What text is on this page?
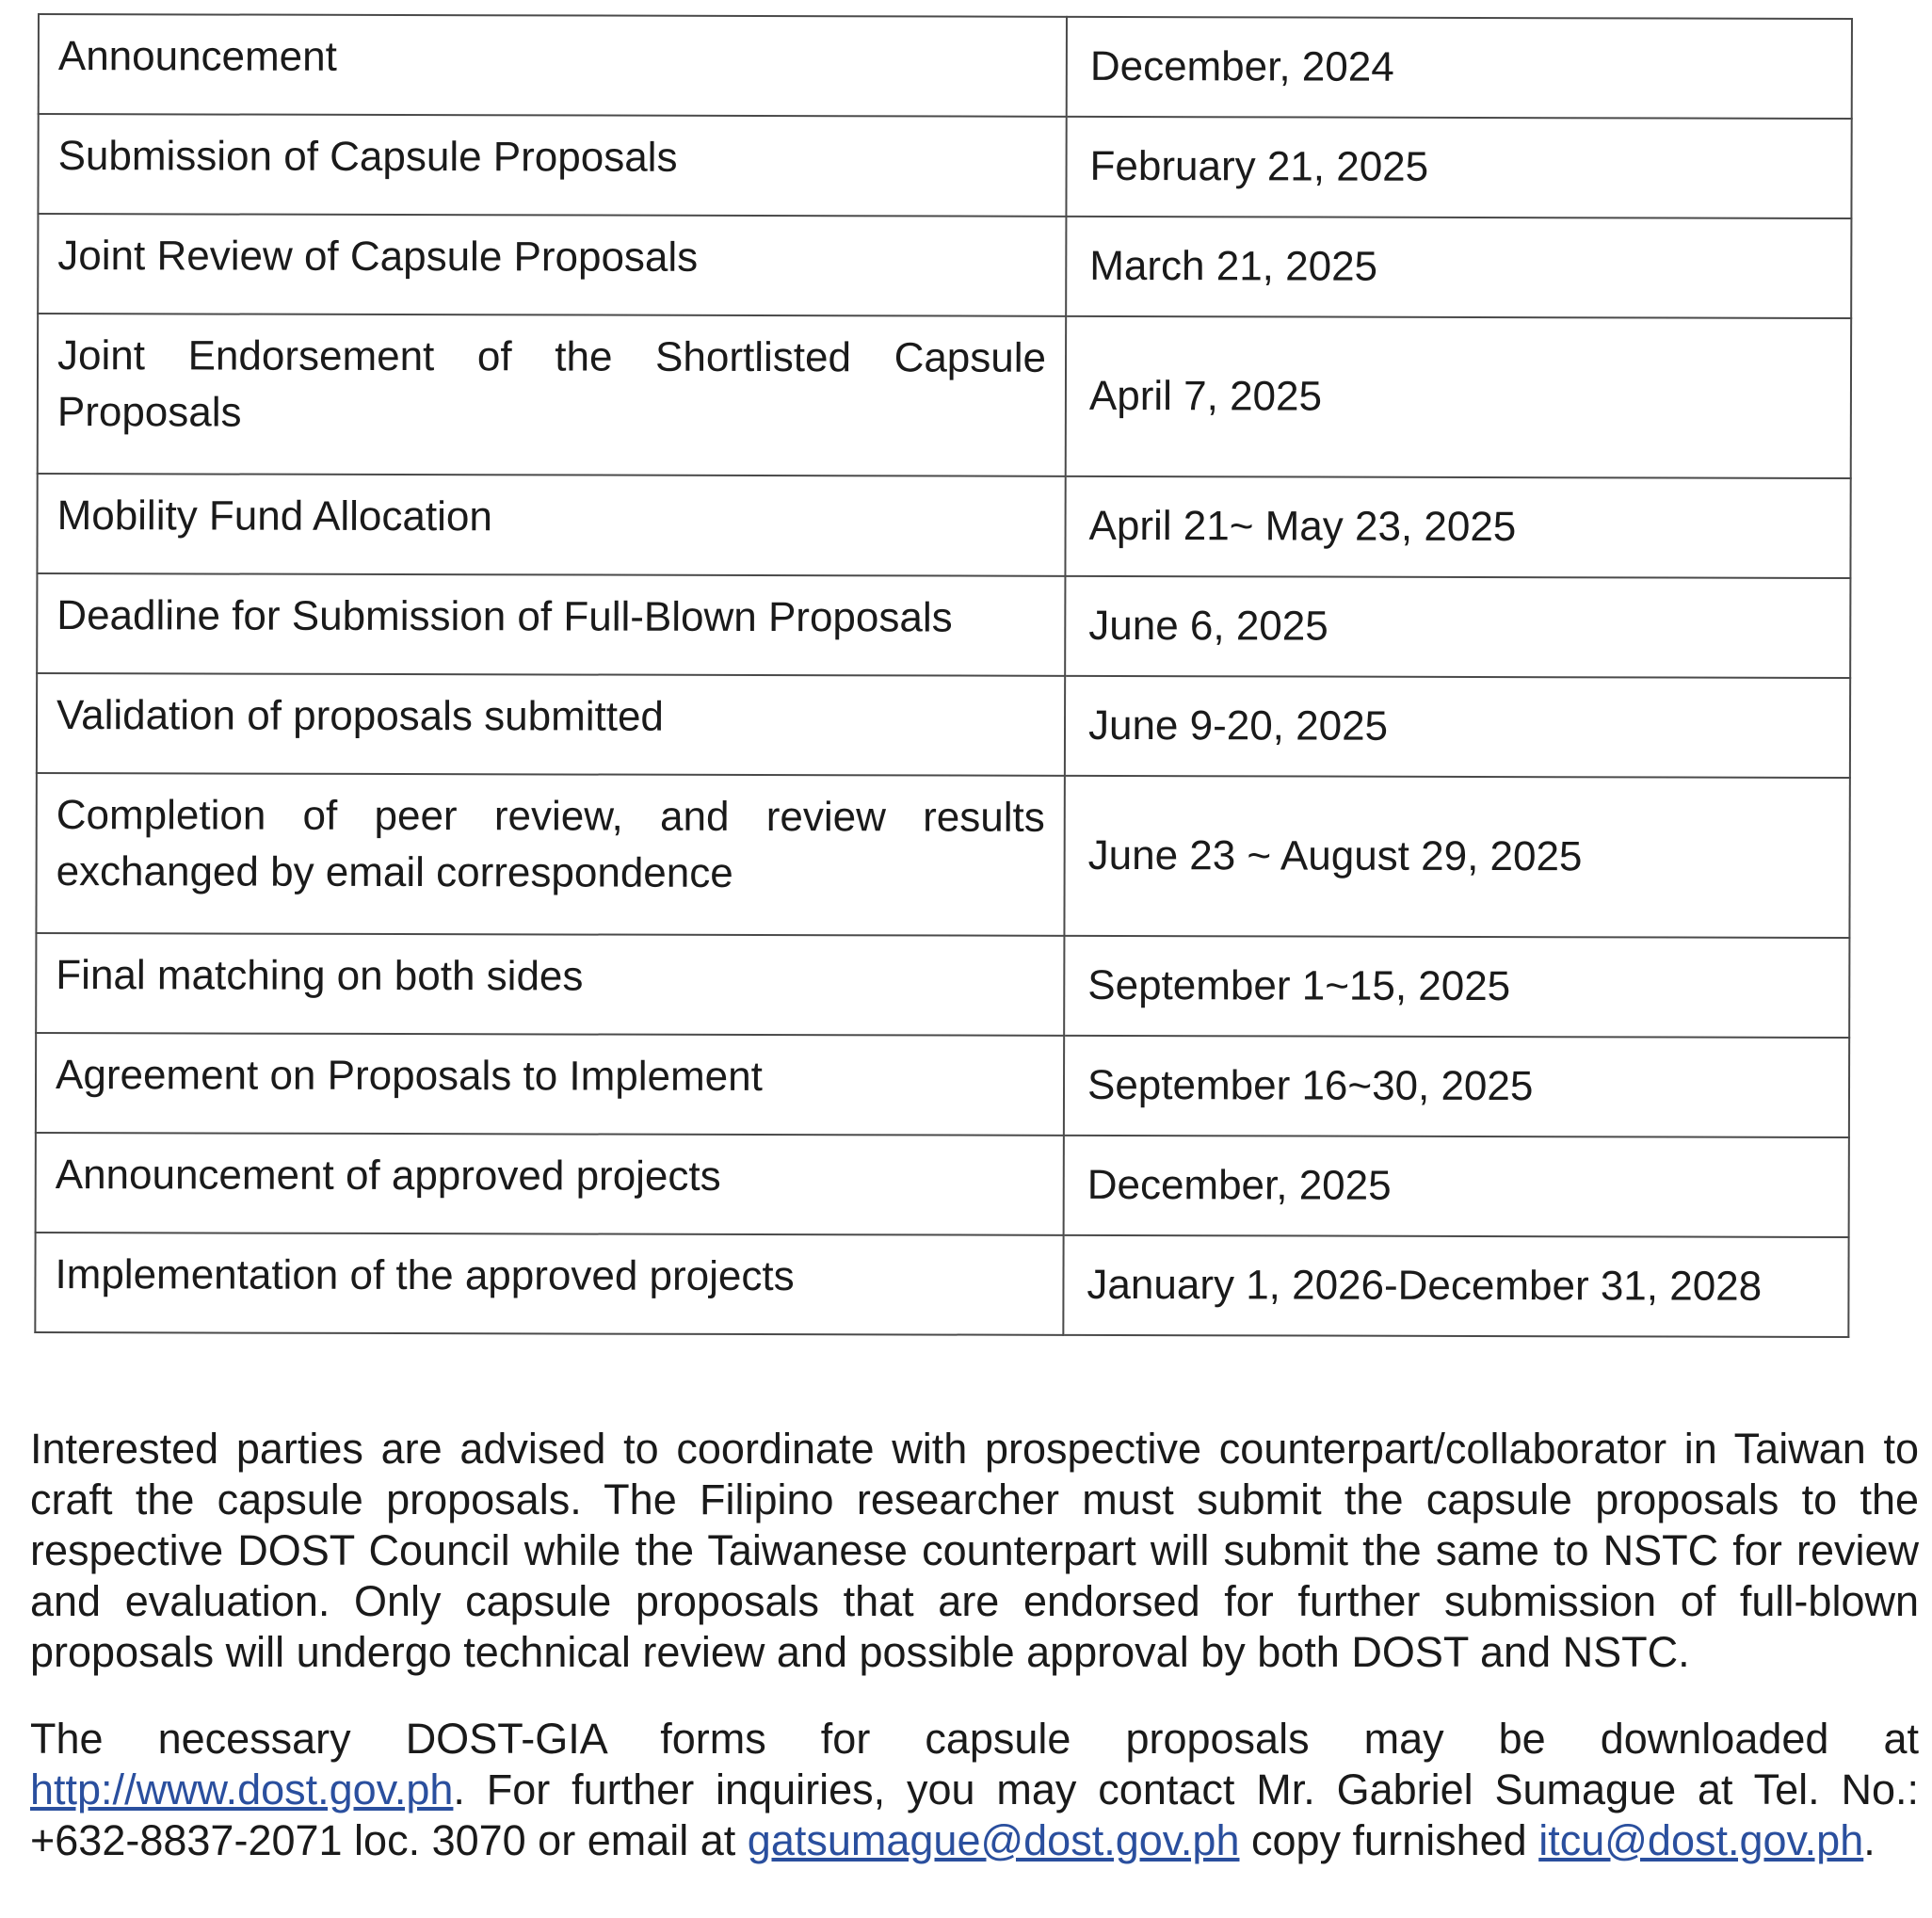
Announcement	December, 2024
Submission of Capsule Proposals	February 21, 2025
Joint Review of Capsule Proposals	March 21, 2025
Joint Endorsement of the Shortlisted Capsule Proposals	April 7, 2025
Mobility Fund Allocation	April 21~ May 23, 2025
Deadline for Submission of Full-Blown Proposals	June 6, 2025
Validation of proposals submitted	June 9-20, 2025
Completion of peer review, and review results exchanged by email correspondence	June 23 ~ August 29, 2025
Final matching on both sides	September 1~15, 2025
Agreement on Proposals to Implement	September 16~30, 2025
Announcement of approved projects	December, 2025
Implementation of the approved projects	January 1, 2026-December 31, 2028

Interested parties are advised to coordinate with prospective counterpart/collaborator in Taiwan to craft the capsule proposals. The Filipino researcher must submit the capsule proposals to the respective DOST Council while the Taiwanese counterpart will submit the same to NSTC for review and evaluation. Only capsule proposals that are endorsed for further submission of full-blown proposals will undergo technical review and possible approval by both DOST and NSTC.

The necessary DOST-GIA forms for capsule proposals may be downloaded at http://www.dost.gov.ph. For further inquiries, you may contact Mr. Gabriel Sumague at Tel. No.: +632-8837-2071 loc. 3070 or email at gatsumague@dost.gov.ph copy furnished itcu@dost.gov.ph.
